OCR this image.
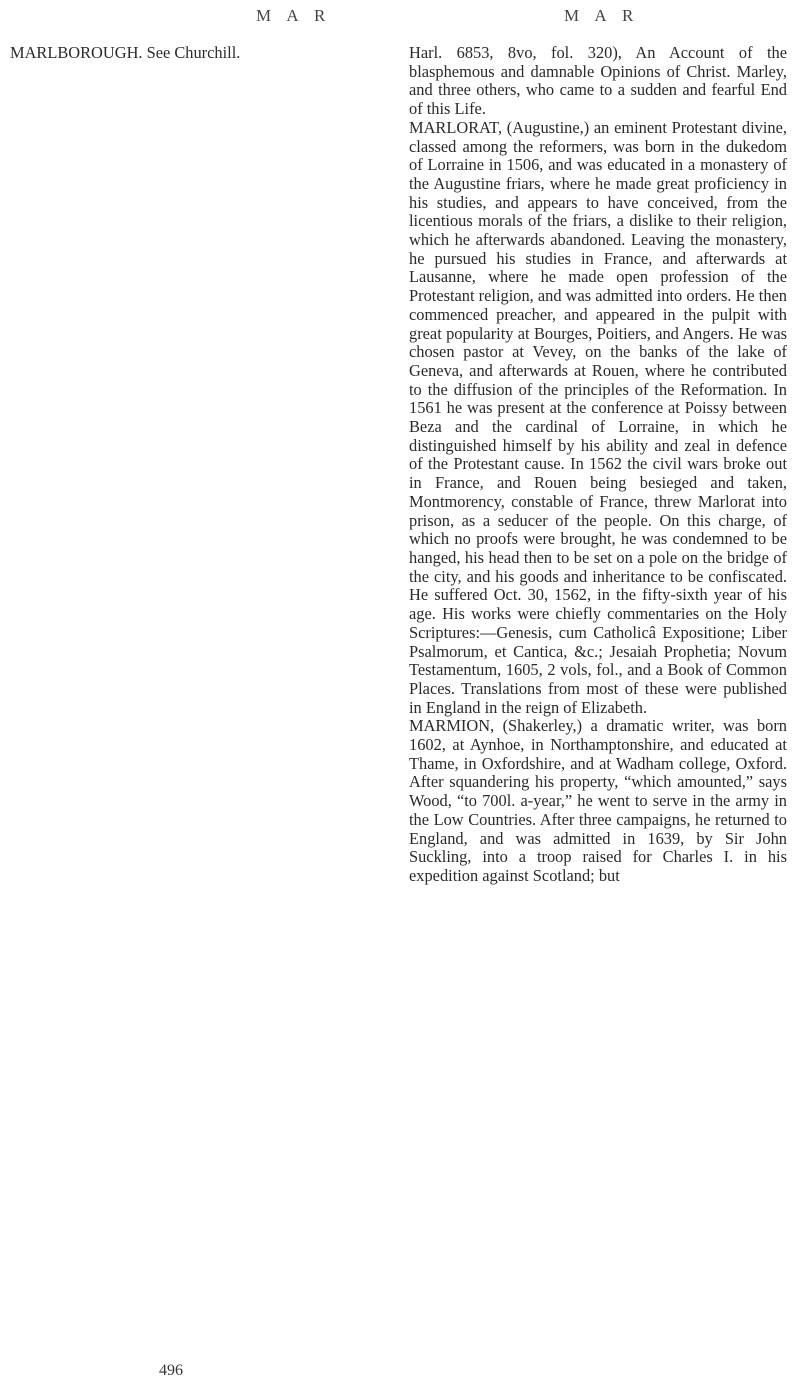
M A R	M A R

MARLBOROUGH. See Churchill.	Harl. 6853, 8vo, fol. 320), An Account of the blasphemous and damnable Opinions of Christ. Marley, and three others, who came to a sudden and fearful End of this Life.

MARLORAT, (Augustine,) an eminent Protestant divine, classed among the reformers, was born in the dukedom of Lorraine in 1506, and was educated in a monastery of the Augustine friars, where he made great proficiency in his studies, and appears to have conceived, from the licentious morals of the friars, a dislike to their religion, which he afterwards abandoned. Leaving the monastery, he pursued his studies in France, and afterwards at Lausanne, where he made open profession of the Protestant religion, and was admitted into orders. He then commenced preacher, and appeared in the pulpit with great popularity at Bourges, Poitiers, and Angers. He was chosen pastor at Vevey, on the banks of the lake of Geneva, and afterwards at Rouen, where he contributed to the diffusion of the principles of the Reformation. In 1561 he was present at the conference at Poissy between Beza and the cardinal of Lorraine, in which he distinguished himself by his ability and zeal in defence of the Protestant cause. In 1562 the civil wars broke out in France, and Rouen being besieged and taken, Montmorency, constable of France, threw Marlorat into prison, as a seducer of the people. On this charge, of which no proofs were brought, he was condemned to be hanged, his head then to be set on a pole on the bridge of the city, and his goods and inheritance to be confiscated. He suffered Oct. 30, 1562, in the fifty-sixth year of his age. His works were chiefly commentaries on the Holy Scriptures:—Genesis, cum Catholicâ Expositione; Liber Psalmorum, et Cantica, &c.; Jesaiah Prophetia; Novum Testamentum, 1605, 2 vols, fol., and a Book of Common Places. Translations from most of these were published in England in the reign of Elizabeth.

MARMION, (Shakerley,) a dramatic writer, was born 1602, at Aynhoe, in Northamptonshire, and educated at Thame, in Oxfordshire, and at Wadham college, Oxford. After squandering his property, “which amounted,” says Wood, “to 700l. a-year,” he went to serve in the army in the Low Countries. After three campaigns, he returned to England, and was admitted in 1639, by Sir John Suckling, into a troop raised for Charles I. in his expedition against Scotland; but

496
